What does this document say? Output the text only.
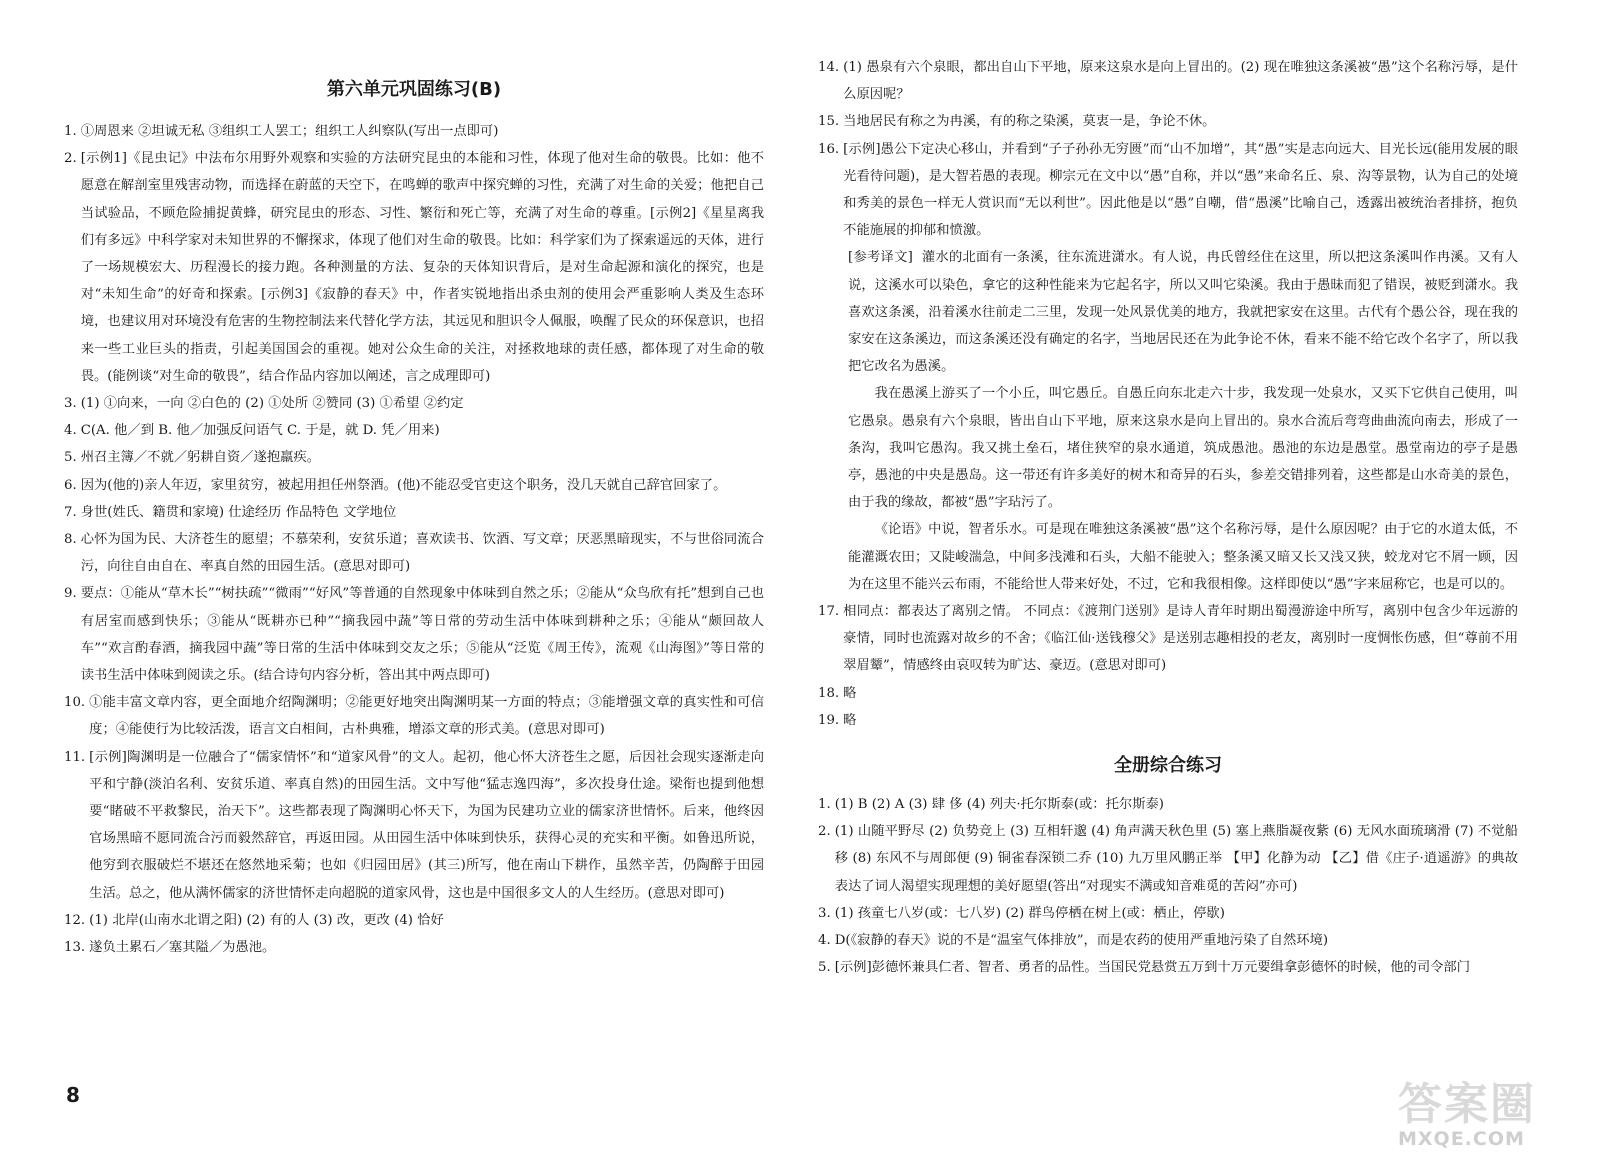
第六单元巩固练习(B)
1. ①周恩来 ②坦诚无私 ③组织工人罢工；组织工人纠察队(写出一点即可)
2. [示例1]《昆虫记》中法布尔用野外观察和实验的方法研究昆虫的本能和习性，体现了他对生命的敬畏。比如：他不愿意在解剖室里残害动物，而选择在蔚蓝的天空下，在鸣蝉的歌声中探究蝉的习性，充满了对生命的关爱；他把自己当试验品，不顾危险捕捉黄蜂，研究昆虫的形态、习性、繁衍和死亡等，充满了对生命的尊重。[示例2]《星星离我们有多远》中科学家对未知世界的不懈探求，体现了他们对生命的敬畏。比如：科学家们为了探索遥远的天体，进行了一场规模宏大、历程漫长的接力跑。各种测量的方法、复杂的天体知识背后，是对生命起源和演化的探究，也是对“未知生命”的好奇和探索。[示例3]《寂静的春天》中，作者实锐地指出杀虫剂的使用会严重影响人类及生态环境，也建议用对环境没有危害的生物控制法来代替化学方法，其远见和胆识令人佩服，唤醒了民众的环保意识，也招来一些工业巨头的指责，引起美国国会的重视。她对公众生命的关注，对拯救地球的责任感，都体现了对生命的敬畏。(能例谈“对生命的敬畏”，结合作品内容加以阐述，言之成理即可)
3. (1) ①向来，一向 ②白色的 (2) ①处所 ②赞同 (3) ①希望 ②约定
4. C(A. 他／到 B. 他／加强反问语气 C. 于是，就 D. 凭／用来)
5. 州召主簿／不就／躬耕自资／遂抱羸疾。
6. 因为(他的)亲人年迈，家里贫穷，被起用担任州祭酒。(他)不能忍受官吏这个职务，没几天就自己辞官回家了。
7. 身世(姓氏、籍贯和家境) 仕途经历 作品特色 文学地位
8. 心怀为国为民、大济苍生的愿望；不慕荣利，安贫乐道；喜欢读书、饮酒、写文章；厌恶黑暗现实，不与世俗同流合污，向往自由自在、率真自然的田园生活。(意思对即可)
9. 要点：①能从“草木长”“树扶疏”“微雨”“好风”等普通的自然现象中体味到自然之乐；②能从“众鸟欣有托”想到自己也有居室而感到快乐；③能从“既耕亦已种”“摘我园中蔬”等日常的劳动生活中体味到耕种之乐；④能从“颇回故人车”“欢言酌春酒，摘我园中蔬”等日常的生活中体味到交友之乐；⑤能从“泛览《周王传》，流观《山海图》”等日常的读书生活中体味到阅读之乐。(结合诗句内容分析，答出其中两点即可)
10. ①能丰富文章内容，更全面地介绍陶渊明；②能更好地突出陶渊明某一方面的特点；③能增强文章的真实性和可信度；④能使行为比较活泼，语言文白相间，古朴典雅，增添文章的形式美。(意思对即可)
11. [示例]陶渊明是一位融合了“儒家情怀”和“道家风骨”的文人。起初，他心怀大济苍生之愿，后因社会现实逐渐走向平和宁静(淡泊名利、安贫乐道、率真自然)的田园生活。文中写他“猛志逸四海”，多次投身仕途。梁衔也提到他想要“睹破不平救黎民，治天下”。这些都表现了陶渊明心怀天下，为国为民建功立业的儒家济世情怀。后来，他终因官场黑暗不愿同流合污而毅然辞官，再返田园。从田园生活中体味到快乐，获得心灵的充实和平衡。如鲁迅所说，他穷到衣服破烂不堪还在悠然地采菊；也如《归园田居》(其三)所写，他在南山下耕作，虽然辛苦，仍陶醉于田园生活。总之，他从满怀儒家的济世情怀走向超脱的道家风骨，这也是中国很多文人的人生经历。(意思对即可)
12. (1) 北岸(山南水北谓之阳) (2) 有的人 (3) 改，更改 (4) 恰好
13. 遂负土累石／塞其隘／为愚池。
14. (1) 愚泉有六个泉眼，都出自山下平地，原来这泉水是向上冒出的。(2) 现在唯独这条溪被“愚”这个名称污辱，是什么原因呢？
15. 当地居民有称之为冉溪，有的称之染溪，莫衷一是，争论不休。
16. [示例]愚公下定决心移山，并看到“子子孙孙无穷匮”而“山不加增”，其“愚”实是志向远大、目光长远(能用发展的眼光看待问题)，是大智若愚的表现。柳宗元在文中以“愚”自称，并以“愚”来命名丘、泉、沟等景物，认为自己的处境和秀美的景色一样无人赏识而“无以利世”。因此他是以“愚”自嘲，借“愚溪”比喻自己，透露出被统治者排挤，抱负不能施展的抑郁和愤激。

[参考译文] 灌水的北面有一条溪，往东流进潇水。有人说，冉氏曾经住在这里，所以把这条溪叫作冉溪。又有人说，这溪水可以染色，拿它的这种性能来为它起名字，所以又叫它染溪。我由于愚昧而犯了错误，被贬到潇水。我喜欢这条溪，沿着溪水往前走二三里，发现一处风景优美的地方，我就把家安在这里。古代有个愚公谷，现在我的家安在这条溪边，而这条溪还没有确定的名字，当地居民还在为此争论不休，看来不能不给它改个名字了，所以我把它改名为愚溪。

我在愚溪上游买了一个小丘，叫它愚丘。自愚丘向东北走六十步，我发现一处泉水，又买下它供自己使用，叫它愚泉。愚泉有六个泉眼，皆出自山下平地，原来这泉水是向上冒出的。泉水合流后弯弯曲曲流向南去，形成了一条沟，我叫它愚沟。我又挑土垒石，堵住狭窄的泉水通道，筑成愚池。愚池的东边是愚堂。愚堂南边的亭子是愚亭，愚池的中央是愚岛。这一带还有许多美好的树木和奇异的石头，参差交错排列着，这些都是山水奇美的景色，由于我的缘故，都被“愚”字玷污了。

《论语》中说，智者乐水。可是现在唯独这条溪被“愚”这个名称污辱，是什么原因呢？由于它的水道太低，不能灌溉农田；又陡峻湍急，中间多浅滩和石头，大船不能驶入；整条溪又暗又长又浅又狭，蛟龙对它不屑一顾，因为在这里不能兴云布雨，不能给世人带来好处，不过，它和我很相像。这样即使以“愚”字来屈称它，也是可以的。

17. 相同点：都表达了离别之情。 不同点：《渡荆门送别》是诗人青年时期出蜀漫游途中所写，离别中包含少年远游的豪情，同时也流露对故乡的不舍；《临江仙·送钱穆父》是送别志趣相投的老友，离别时一度惆怅伤感，但“尊前不用翠眉颦”，情感终由哀叹转为旷达、豪迈。(意思对即可)
18. 略
19. 略
全册综合练习
1. (1) B (2) A (3) 肆 侈 (4) 列夫·托尔斯泰(或：托尔斯泰)
2. (1) 山随平野尽 (2) 负势竞上 (3) 互相轩邈 (4) 角声满天秋色里 (5) 塞上燕脂凝夜紫 (6) 无风水面琉璃滑 (7) 不觉船移 (8) 东风不与周郎便 (9) 铜雀春深锁二乔 (10) 九万里风鹏正举 【甲】化静为动 【乙】借《庄子·逍遥游》的典故表达了词人渴望实现理想的美好愿望(答出“对现实不满或知音难觅的苦闷”亦可)
3. (1) 孩童七八岁(或：七八岁) (2) 群鸟停栖在树上(或：栖止，停歇)
4. D(《寂静的春天》说的不是“温室气体排放”，而是农药的使用严重地污染了自然环境)
5. [示例]彭德怀兼具仁者、智者、勇者的品性。当国民党悬赏五万到十万元要缉拿彭德怀的时候，他的司令部门
8	答案圈
MXQE.COM
